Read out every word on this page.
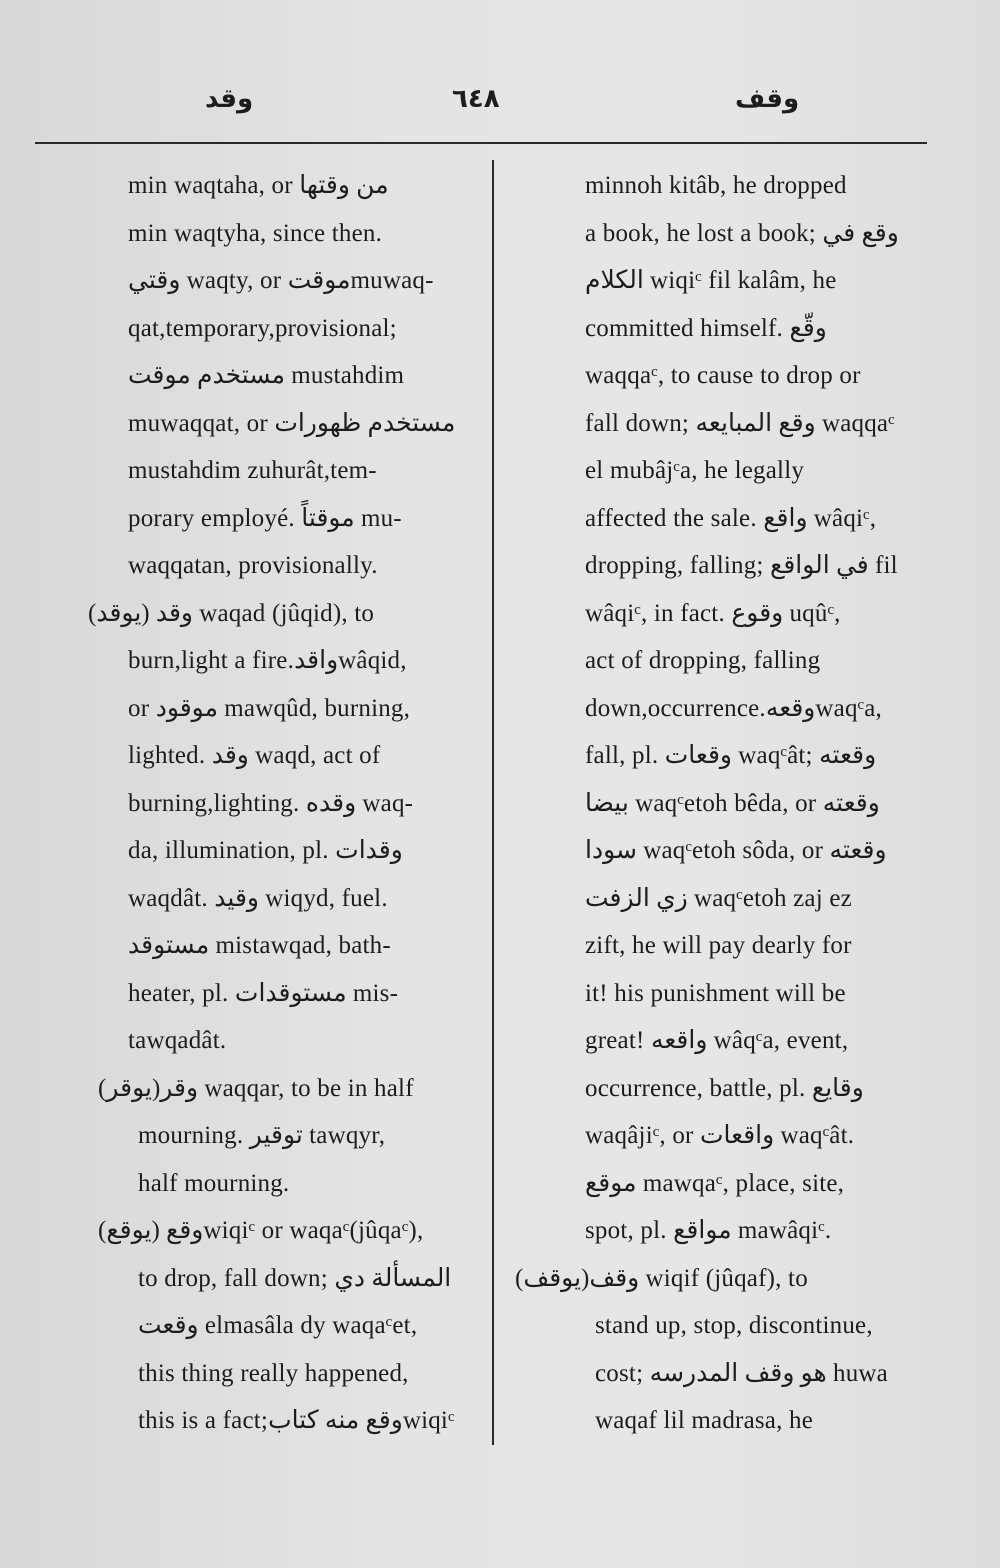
وقد	٦٤٨	وقف
min waqtaha, or من وقتها
min waqtyha, since then.
وقتي waqty, or موقتmuwaq-
qat,temporary,provisional;
مستخدم موقت mustahdim
muwaqqat, or مستخدم ظهورات
mustahdim zuhurât,tem-
porary employé. موقتاً mu-
waqqatan, provisionally.
وقد (يوقد) waqad (jûqid), to
burn,light a fire.واقدwâqid,
or موقود mawqûd, burning,
lighted. وقد waqd, act of
burning,lighting. وقده waq-
da, illumination, pl. وقدات
waqdât. وقيد wiqyd, fuel.
مستوقد mistawqad, bath-
heater, pl. مستوقدات mis-
tawqadât.
وقر(يوقر) waqqar, to be in half
mourning. توقير tawqyr,
half mourning.
وقع (يوقع)wiqiᶜ or waqaᶜ(jûqaᶜ),
to drop, fall down; المسألة دي
وقعت elmasâla dy waqaᶜet,
this thing really happened,
this is a fact;وقع منه كتابwiqiᶜ
minnoh kitâb, he dropped
a book, he lost a book; وقع في
الكلام wiqiᶜ fil kalâm, he
committed himself. وقّع
waqqaᶜ, to cause to drop or
fall down; وقع المبايعه waqqaᶜ
el mubâjᶜa, he legally
affected the sale. واقع wâqiᶜ,
dropping, falling; في الواقع fil
wâqiᶜ, in fact. وقوع uqûᶜ,
act of dropping, falling
down,occurrence.وقعهwaqᶜa,
fall, pl. وقعات waqᶜât; وقعته
بيضا waqᶜetoh bêda, or وقعته
سودا waqᶜetoh sôda, or وقعته
زي الزفت waqᶜetoh zaj ez
zift, he will pay dearly for
it! his punishment will be
great! واقعه wâqᶜa, event,
occurrence, battle, pl. وقايع
waqâjiᶜ, or واقعات waqᶜât.
موقع mawqaᶜ, place, site,
spot, pl. مواقع mawâqiᶜ.
وقف(يوقف) wiqif (jûqaf), to
stand up, stop, discontinue,
cost; هو وقف المدرسه huwa
waqaf lil madrasa, he
